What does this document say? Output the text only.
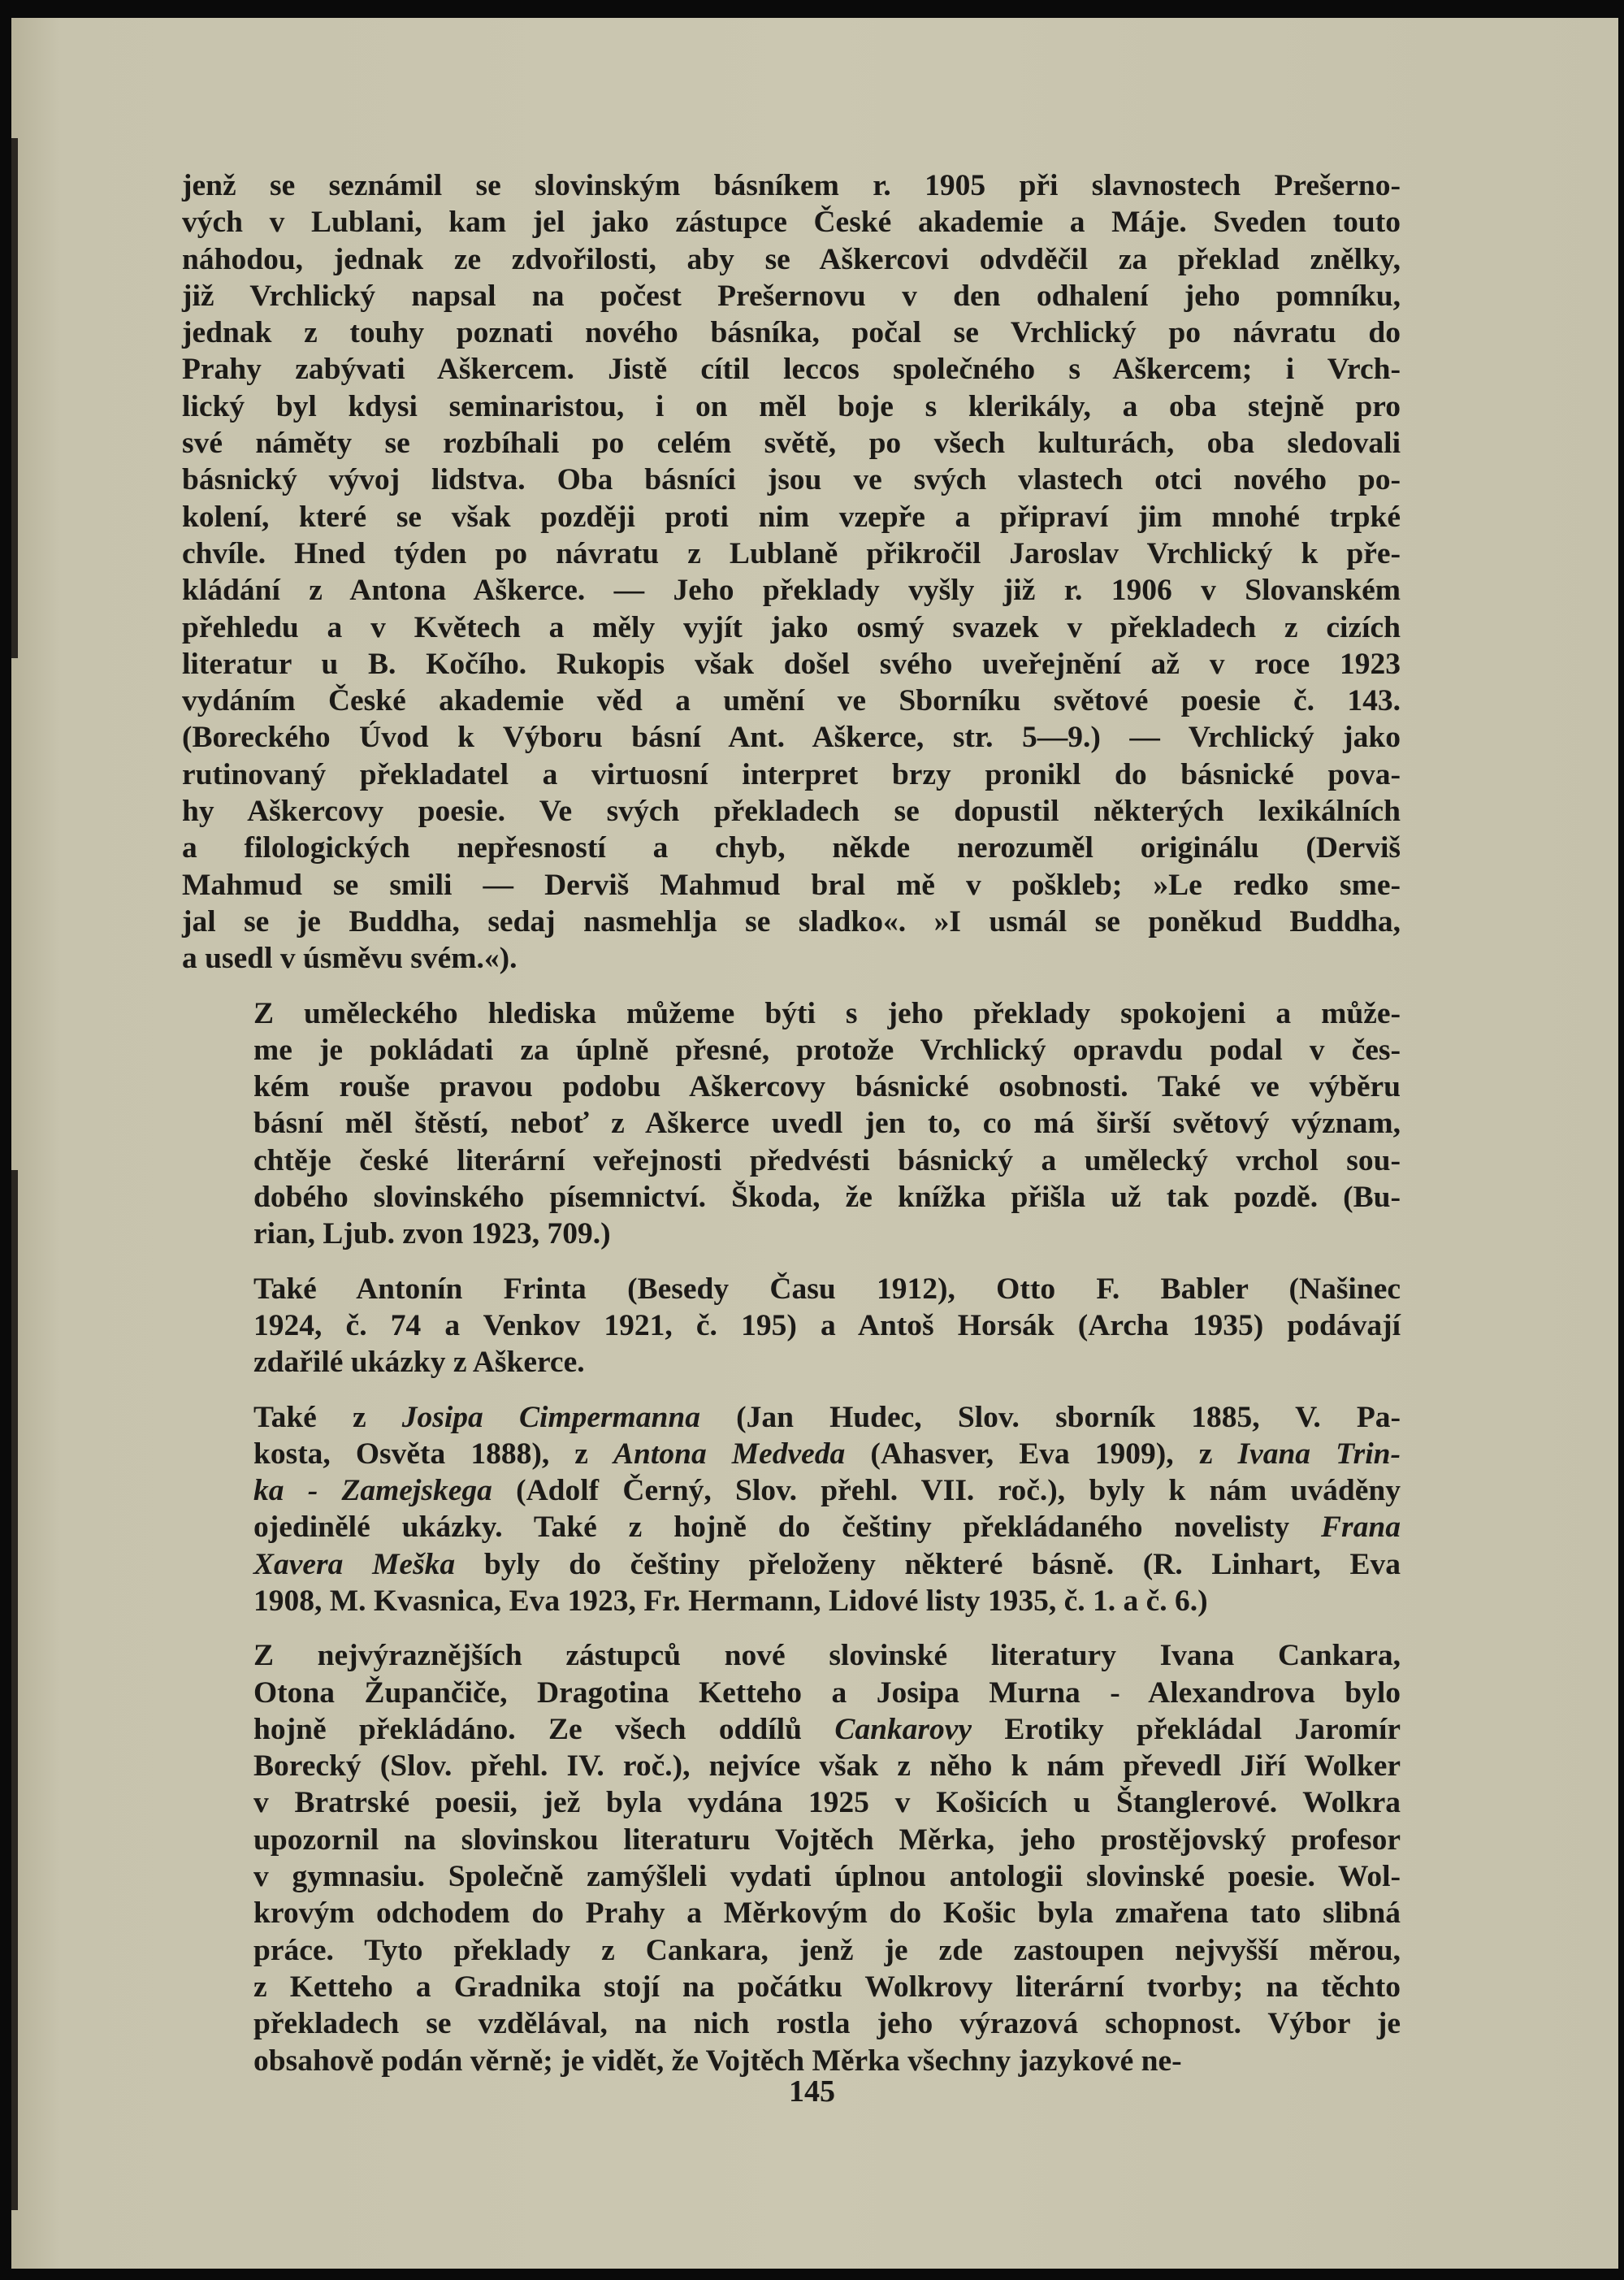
jenž se seznámil se slovinským básníkem r. 1905 při slavnostech Prešerno-
vých v Lublani, kam jel jako zástupce České akademie a Máje. Sveden touto
náhodou, jednak ze zdvořilosti, aby se Aškercovi odvděčil za překlad znělky,
již Vrchlický napsal na počest Prešernovu v den odhalení jeho pomníku,
jednak z touhy poznati nového básníka, počal se Vrchlický po návratu do
Prahy zabývati Aškercem. Jistě cítil leccos společného s Aškercem; i Vrch-
lický byl kdysi seminaristou, i on měl boje s klerikály, a oba stejně pro
své náměty se rozbíhali po celém světě, po všech kulturách, oba sledovali
básnický vývoj lidstva. Oba básníci jsou ve svých vlastech otci nového po-
kolení, které se však později proti nim vzepře a připraví jim mnohé trpké
chvíle. Hned týden po návratu z Lublaně přikročil Jaroslav Vrchlický k pře-
kládání z Antona Aškerce. — Jeho překlady vyšly již r. 1906 v Slovanském
přehledu a v Květech a měly vyjít jako osmý svazek v překladech z cizích
literatur u B. Kočího. Rukopis však došel svého uveřejnění až v roce 1923
vydáním České akademie věd a umění ve Sborníku světové poesie č. 143.
(Boreckého Úvod k Výboru básní Ant. Aškerce, str. 5—9.) — Vrchlický jako
rutinovaný překladatel a virtuosní interpret brzy pronikl do básnické pova-
hy Aškercovy poesie. Ve svých překladech se dopustil některých lexikálních
a filologických nepřesností a chyb, někde nerozuměl originálu (Derviš
Mahmud se smili — Derviš Mahmud bral mě v poškleb; »Le redko sme-
jal se je Buddha, sedaj nasmehlja se sladko«. »I usmál se poněkud Buddha,
a usedl v úsměvu svém.«).

Z uměleckého hlediska můžeme býti s jeho překlady spokojeni a může-
me je pokládati za úplně přesné, protože Vrchlický opravdu podal v čes-
kém rouše pravou podobu Aškercovy básnické osobnosti. Také ve výběru
básní měl štěstí, neboť z Aškerce uvedl jen to, co má širší světový význam,
chtěje české literární veřejnosti předvésti básnický a umělecký vrchol sou-
dobého slovinského písemnictví. Škoda, že knížka přišla už tak pozdě. (Bu-
rian, Ljub. zvon 1923, 709.)

Také Antonín Frinta (Besedy Času 1912), Otto F. Babler (Našinec
1924, č. 74 a Venkov 1921, č. 195) a Antoš Horsák (Archa 1935) podávají
zdařilé ukázky z Aškerce.

Také z Josipa Cimpermanna (Jan Hudec, Slov. sborník 1885, V. Pa-
kosta, Osvěta 1888), z Antona Medveda (Ahasver, Eva 1909), z Ivana Trin-
ka - Zamejskega (Adolf Černý, Slov. přehl. VII. roč.), byly k nám uváděny
ojedinělé ukázky. Také z hojně do češtiny překládaného novelisty Frana
Xavera Meška byly do češtiny přeloženy některé básně. (R. Linhart, Eva
1908, M. Kvasnica, Eva 1923, Fr. Hermann, Lidové listy 1935, č. 1. a č. 6.)

Z nejvýraznějších zástupců nové slovinské literatury Ivana Cankara,
Otona Župančiče, Dragotina Ketteho a Josipa Murna - Alexandrova bylo
hojně překládáno. Ze všech oddílů Cankarovy Erotiky překládal Jaromír
Borecký (Slov. přehl. IV. roč.), nejvíce však z něho k nám převedl Jiří Wolker
v Bratrské poesii, jež byla vydána 1925 v Košicích u Štanglerové. Wolkra
upozornil na slovinskou literaturu Vojtěch Měrka, jeho prostějovský profesor
v gymnasiu. Společně zamýšleli vydati úplnou antologii slovinské poesie. Wol-
krovým odchodem do Prahy a Měrkovým do Košic byla zmařena tato slibná
práce. Tyto překlady z Cankara, jenž je zde zastoupen nejvyšší měrou,
z Ketteho a Gradnika stojí na počátku Wolkrovy literární tvorby; na těchto
překladech se vzdělával, na nich rostla jeho výrazová schopnost. Výbor je
obsahově podán věrně; je vidět, že Vojtěch Měrka všechny jazykové ne-

145
